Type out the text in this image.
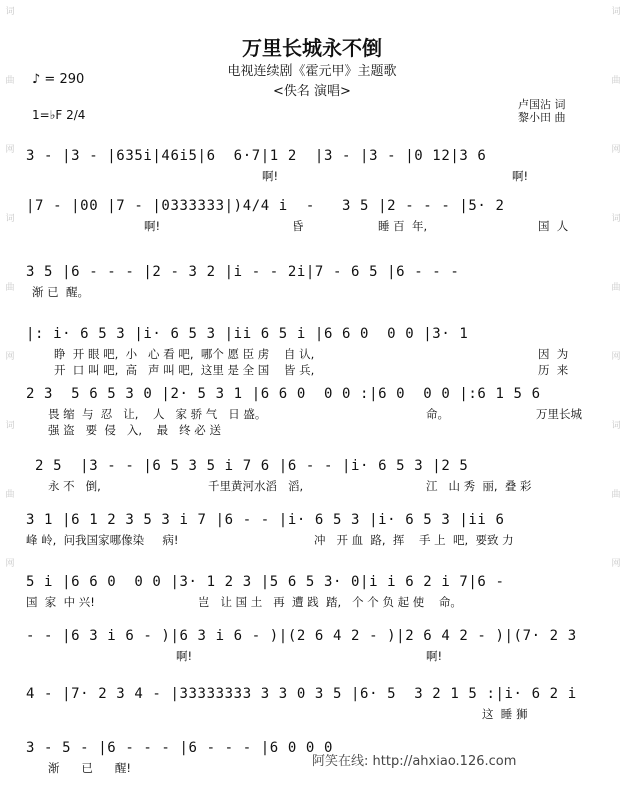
词
曲
网
词
曲
网
词
曲
网
词
曲
网
词
曲
网
词
曲
网
万里长城永不倒
电视连续剧《霍元甲》主题歌
<佚名 演唱>
♪ = 290
1=♭F 2/4
卢国沾 词
黎小田 曲
3 - |3 - |635i|46i5|6  6·7|1 2  |3 - |3 - |0 12|3 6
啊!	啊!
|7 - |00 |7 - |0333333|)4/4 i  -   3 5 |2 - - - |5· 2
啊!	昏	睡 百  年,	国  人
3 5 |6 - - - |2 - 3 2 |i - - 2i|7 - 6 5 |6 - - -
渐 已  醒。
|: i· 6 5 3 |i· 6 5 3 |ii 6 5 i |6 6 0  0 0 |3· 1
睁  开 眼 吧,  小   心 看 吧,  哪个 愿 臣 虏    自 认,	因  为
开  口 叫 吧,  高   声 叫 吧,  这里 是 全 国    皆 兵,	历  来
2 3  5 6 5 3 0 |2· 5 3 1 |6 6 0  0 0 :|6 0  0 0 |:6 1 5 6
畏 缩  与  忍   让,    人   家 骄 气   日 盛。	命。	万里长城
强 盗   要  侵   入,    最   终 必 送
2 5  |3 - - |6 5 3 5 i 7 6 |6 - - |i· 6 5 3 |2 5
永 不   倒,	千里黄河水滔   滔,	江   山 秀  丽,  叠 彩
3 1 |6 1 2 3 5 3 i 7 |6 - - |i· 6 5 3 |i· 6 5 3 |ii 6
峰 岭,  问我国家哪像染     病!	冲   开 血  路,  挥    手 上  吧,  要致 力
5 i |6 6 0  0 0 |3· 1 2 3 |5 6 5 3· 0|i i 6 2 i 7|6 -
国  家  中 兴!	岂   让 国 土   再  遭 践  踏,   个 个 负 起 使    命。
- - |6 3 i 6 - )|6 3 i 6 - )|(2 6 4 2 - )|2 6 4 2 - )|(7· 2 3
啊!	啊!
4 - |7· 2 3 4 - |33333333 3 3 0 3 5 |6· 5  3 2 1 5 :|i· 6 2 i
这  睡 狮
3 - 5 - |6 - - - |6 - - - |6 0 0 0
渐      已      醒!	阿笑在线: http://ahxiao.126.com
